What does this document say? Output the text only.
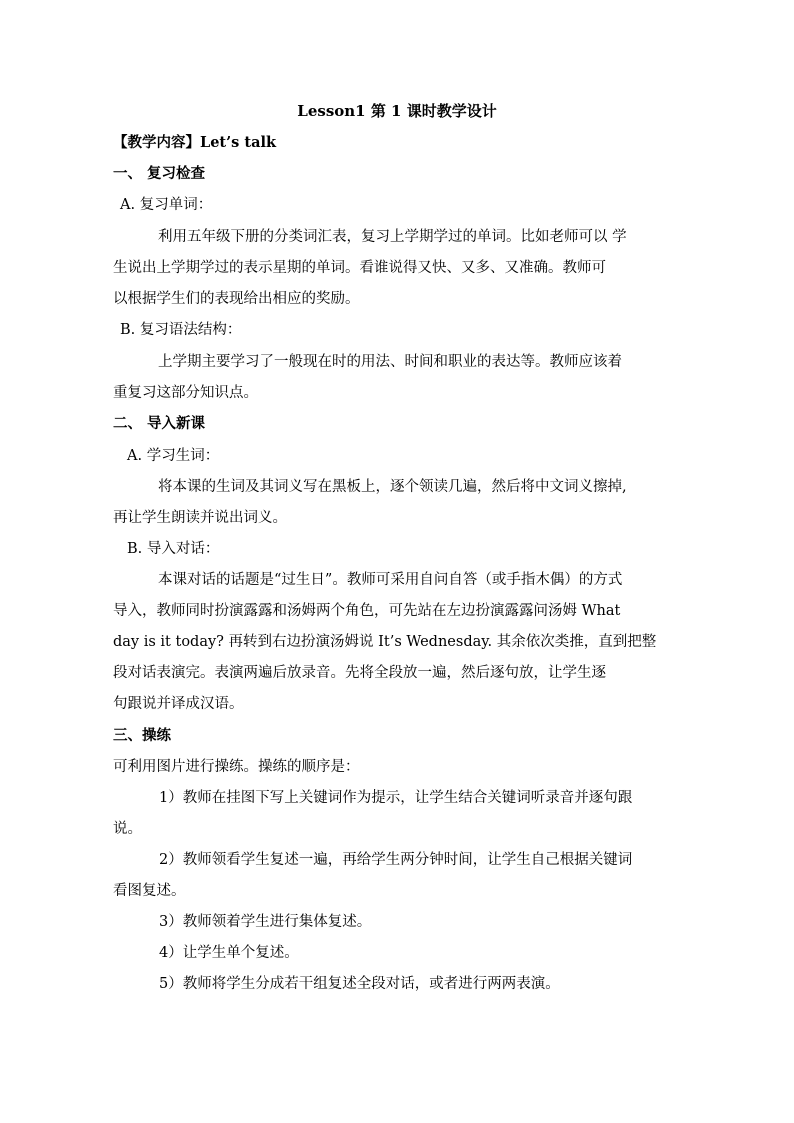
Lesson1 第 1 课时教学设计
【教学内容】Let’s talk
一、 复习检查
A. 复习单词：
利用五年级下册的分类词汇表，复习上学期学过的单词。比如老师可以 学
生说出上学期学过的表示星期的单词。看谁说得又快、又多、又准确。教师可
以根据学生们的表现给出相应的奖励。
B. 复习语法结构：
上学期主要学习了一般现在时的用法、时间和职业的表达等。教师应该着
重复习这部分知识点。
二、 导入新课
A. 学习生词：
将本课的生词及其词义写在黑板上，逐个领读几遍，然后将中文词义擦掉,
再让学生朗读并说出词义。
B. 导入对话：
本课对话的话题是“过生日”。教师可采用自问自答（或手指木偶）的方式
导入，教师同时扮演露露和汤姆两个角色，可先站在左边扮演露露问汤姆 What
day is it today? 再转到右边扮演汤姆说 It’s Wednesday. 其余依次类推，直到把整
段对话表演完。表演两遍后放录音。先将全段放一遍，然后逐句放，让学生逐
句跟说并译成汉语。
三、操练
可利用图片进行操练。操练的顺序是：
1）教师在挂图下写上关键词作为提示，让学生结合关键词听录音并逐句跟
说。
2）教师领看学生复述一遍，再给学生两分钟时间，让学生自己根据关键词
看图复述。
3）教师领着学生进行集体复述。
4）让学生单个复述。
5）教师将学生分成若干组复述全段对话，或者进行两两表演。
